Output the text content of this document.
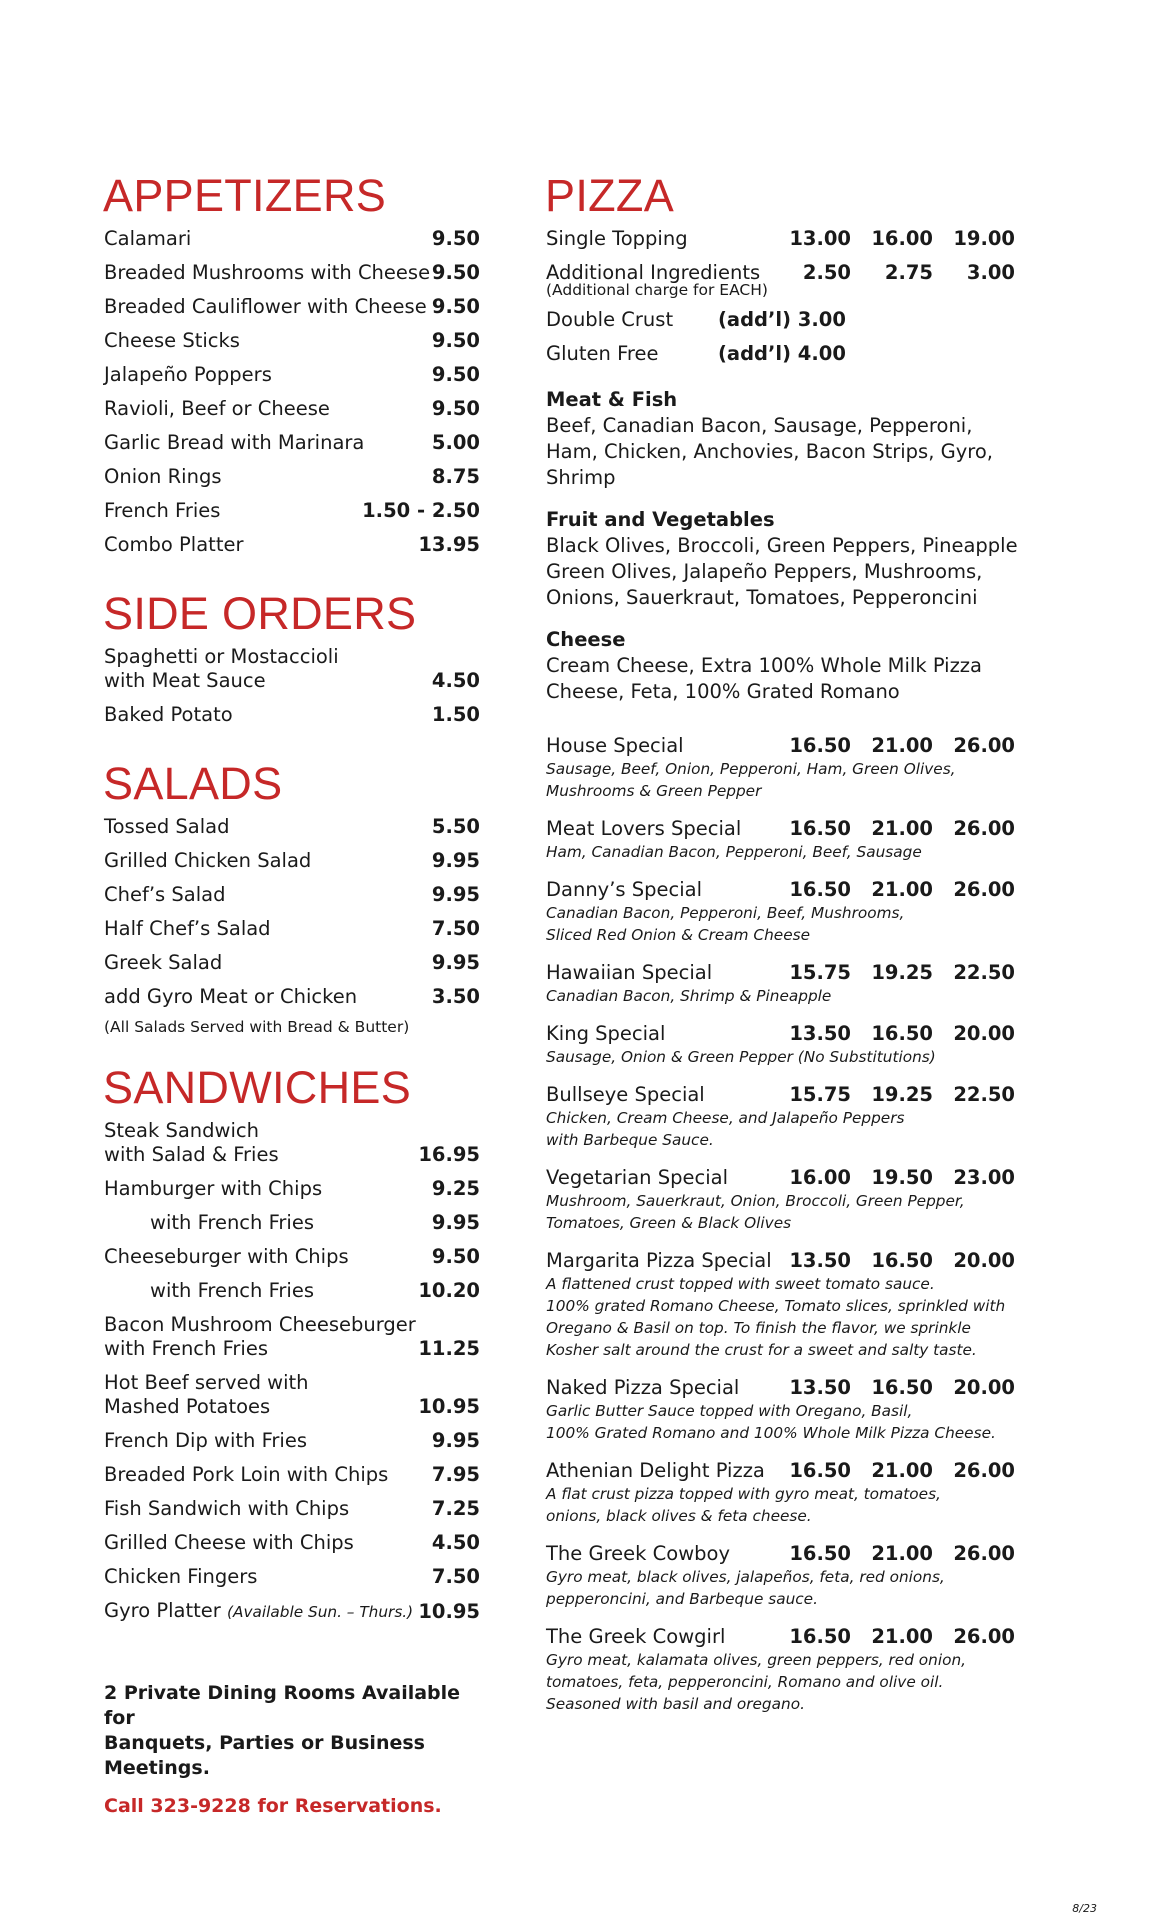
APPETIZERS
Calamari	9.50
Breaded Mushrooms with Cheese 9.50
Breaded Cauliflower with Cheese 9.50
Cheese Sticks	9.50
Jalapeño Poppers	9.50
Ravioli, Beef or Cheese	9.50
Garlic Bread with Marinara	5.00
Onion Rings	8.75
French Fries	1.50 - 2.50
Combo Platter	13.95
SIDE ORDERS
Spaghetti or Mostaccioli
with Meat Sauce	4.50
Baked Potato	1.50
SALADS
Tossed Salad	5.50
Grilled Chicken Salad	9.95
Chef’s Salad	9.95
Half Chef’s Salad	7.50
Greek Salad	9.95
add Gyro Meat or Chicken	3.50
(All Salads Served with Bread & Butter)
SANDWICHES
Steak Sandwich
with Salad & Fries	16.95
Hamburger with Chips	9.25
with French Fries	9.95
Cheeseburger with Chips	9.50
with French Fries	10.20
Bacon Mushroom Cheeseburger
with French Fries	11.25
Hot Beef served with
Mashed Potatoes	10.95
French Dip with Fries	9.95
Breaded Pork Loin with Chips 7.95
Fish Sandwich with Chips	7.25
Grilled Cheese with Chips	4.50
Chicken Fingers	7.50
Gyro Platter (Available Sun. – Thurs.) 10.95
2 Private Dining Rooms Available for
Banquets, Parties or Business Meetings.
Call 323-9228 for Reservations.
PIZZA
Single Topping	13.00	16.00	19.00
Additional Ingredients	2.50	2.75	3.00
(Additional charge for EACH)
Double Crust	(add’l) 3.00
Gluten Free	(add’l) 4.00
Meat & Fish
Beef, Canadian Bacon, Sausage, Pepperoni, Ham, Chicken, Anchovies, Bacon Strips, Gyro, Shrimp
Fruit and Vegetables
Black Olives, Broccoli, Green Peppers, Pineapple Green Olives, Jalapeño Peppers, Mushrooms, Onions, Sauerkraut, Tomatoes, Pepperoncini
Cheese
Cream Cheese, Extra 100% Whole Milk Pizza Cheese, Feta, 100% Grated Romano
House Special	16.50	21.00	26.00
Sausage, Beef, Onion, Pepperoni, Ham, Green Olives,
Mushrooms & Green Pepper
Meat Lovers Special	16.50	21.00	26.00
Ham, Canadian Bacon, Pepperoni, Beef, Sausage
Danny’s Special	16.50	21.00	26.00
Canadian Bacon, Pepperoni, Beef, Mushrooms,
Sliced Red Onion & Cream Cheese
Hawaiian Special	15.75	19.25	22.50
Canadian Bacon, Shrimp & Pineapple
King Special	13.50	16.50	20.00
Sausage, Onion & Green Pepper (No Substitutions)
Bullseye Special	15.75	19.25	22.50
Chicken, Cream Cheese, and Jalapeño Peppers
with Barbeque Sauce.
Vegetarian Special	16.00	19.50	23.00
Mushroom, Sauerkraut, Onion, Broccoli, Green Pepper,
Tomatoes, Green & Black Olives
Margarita Pizza Special 13.50	16.50	20.00
A flattened crust topped with sweet tomato sauce.
100% grated Romano Cheese, Tomato slices, sprinkled with
Oregano & Basil on top. To finish the flavor, we sprinkle
Kosher salt around the crust for a sweet and salty taste.
Naked Pizza Special	13.50	16.50	20.00
Garlic Butter Sauce topped with Oregano, Basil,
100% Grated Romano and 100% Whole Milk Pizza Cheese.
Athenian Delight Pizza	16.50	21.00	26.00
A flat crust pizza topped with gyro meat, tomatoes,
onions, black olives & feta cheese.
The Greek Cowboy	16.50	21.00	26.00
Gyro meat, black olives, jalapeños, feta, red onions,
pepperoncini, and Barbeque sauce.
The Greek Cowgirl	16.50	21.00	26.00
Gyro meat, kalamata olives, green peppers, red onion,
tomatoes, feta, pepperoncini, Romano and olive oil.
Seasoned with basil and oregano.
8/23
